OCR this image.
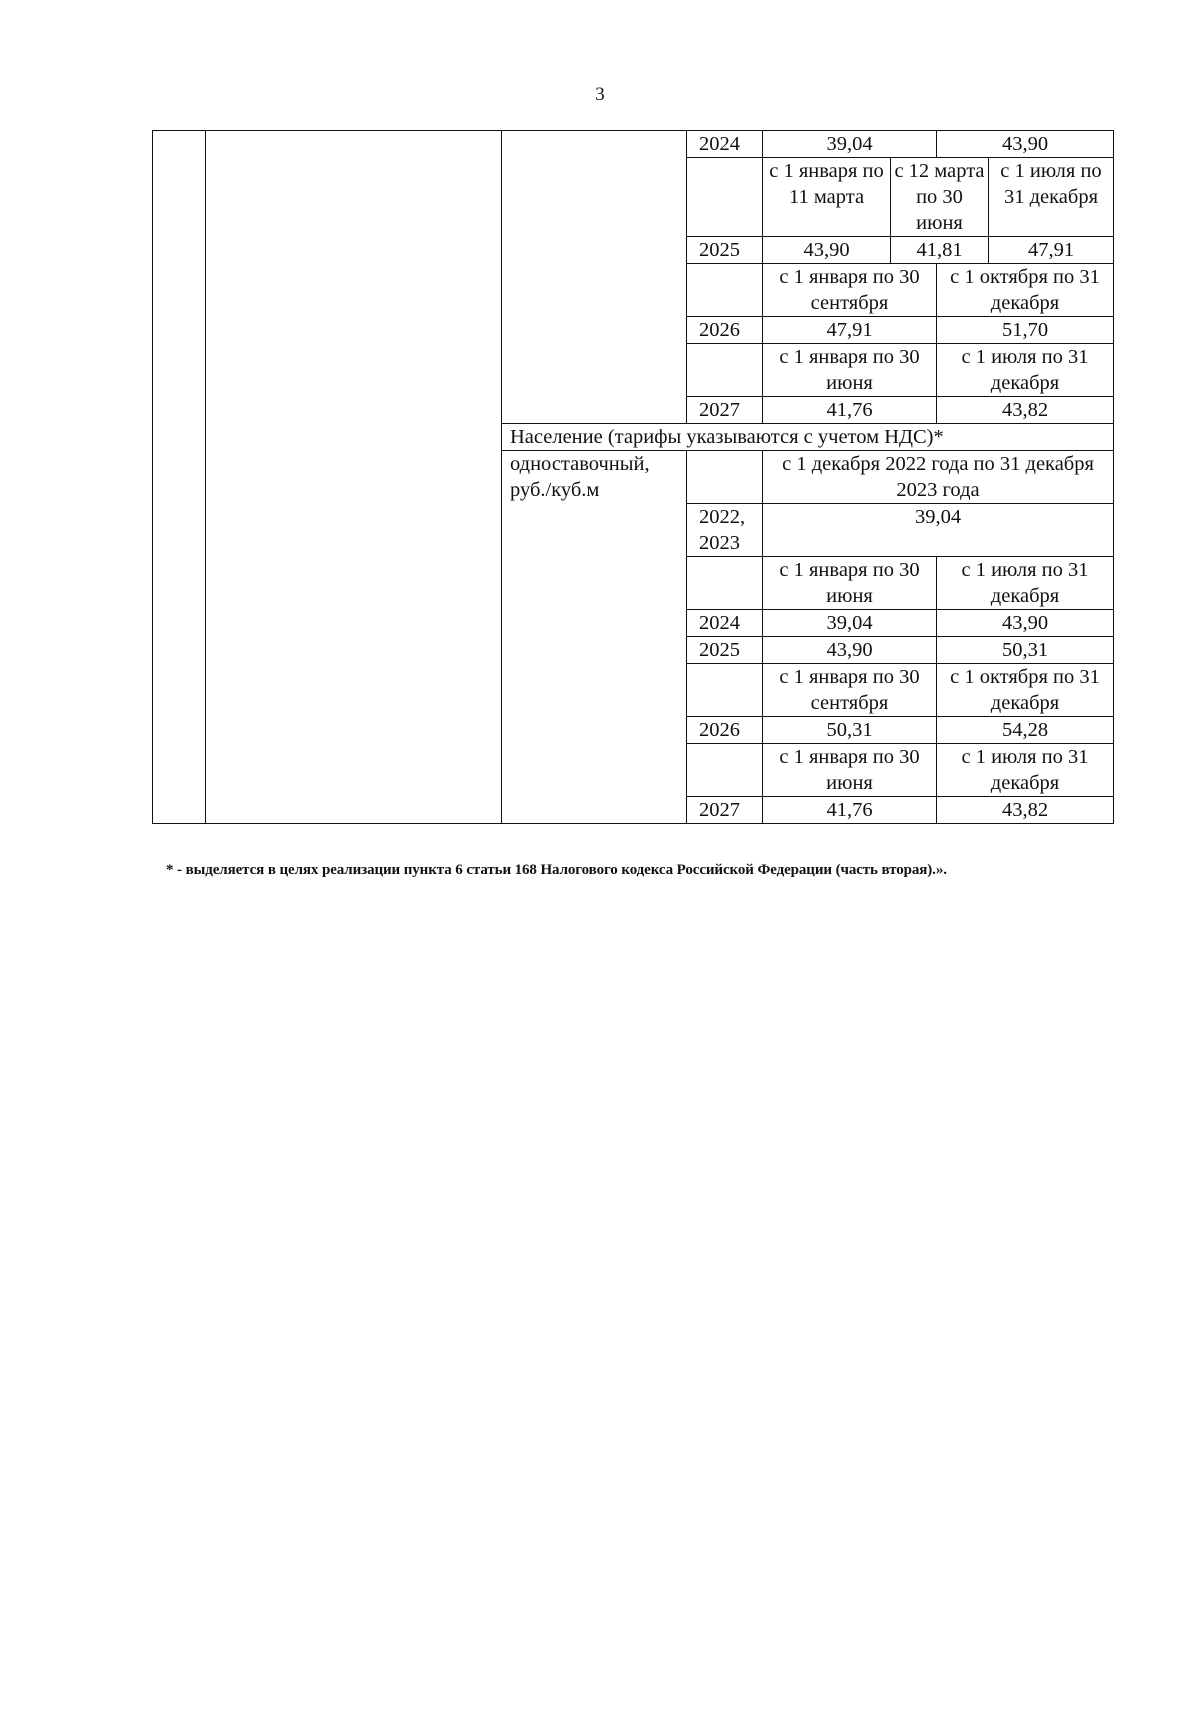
3
			2024	39,04		43,90	
				с 1 января по 11 марта	с 12 марта по 30 июня		с 1 июля по 31 декабря
			2025	43,90	41,81		47,91
				с 1 января по 30 сентября		с 1 октября по 31 декабря	
			2026	47,91		51,70	
				с 1 января по 30 июня		с 1 июля по 31 декабря	
			2027	41,76		43,82	
		Население (тарифы указываются с учетом НДС)*					
		одноставочный, руб./куб.м		с 1 декабря 2022 года по 31 декабря 2023 года			
			2022, 2023	39,04			
				с 1 января по 30 июня		с 1 июля по 31 декабря	
			2024	39,04		43,90	
			2025	43,90		50,31	
				с 1 января по 30 сентября		с 1 октября по 31 декабря	
			2026	50,31		54,28	
				с 1 января по 30 июня		с 1 июля по 31 декабря	
			2027	41,76		43,82	
* - выделяется в целях реализации пункта 6 статьи 168 Налогового кодекса Российской Федерации (часть вторая).».
